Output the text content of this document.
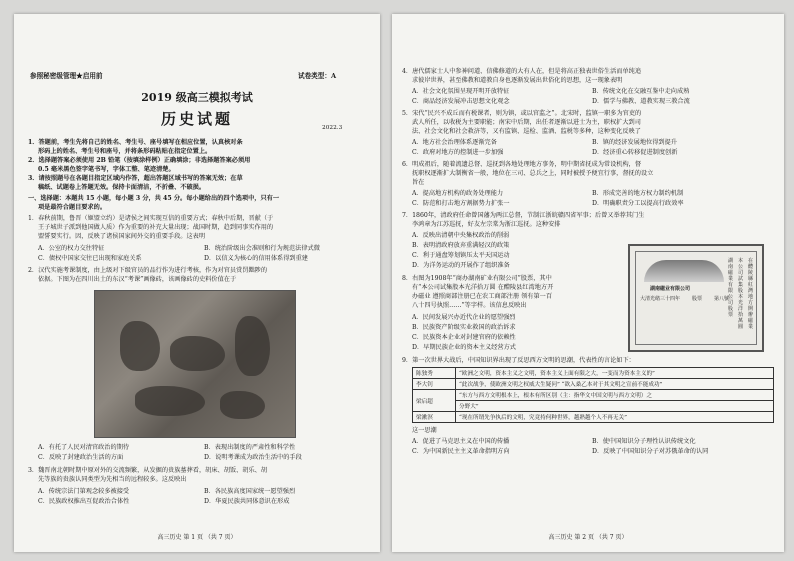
参照秘密级管理★启用前	试卷类型：A
2019 级高三模拟考试
历史试题	2022.3
1．答题前，考生先将自己的姓名、考生号、座号填写在相应位置，认真核对条
形码上的姓名、考生号和座号，并将条形码粘贴在指定位置上。
2．选择题答案必须使用 2B 铅笔（按填涂样例）正确填涂；非选择题答案必须用
0.5 毫米黑色签字笔书写，字体工整、笔迹清楚。
3．请按照题号在各题目指定区域内作答，超出答题区域书写的答案无效；在草
稿纸、试题卷上答题无效。保持卡面清洁，不折叠、不破损。
一、选择题：本题共 15 小题，每小题 3 分，共 45 分。每小题给出的四个选项中，只有一
项是最符合题目要求的。
1．春秋前期，鲁晋（姬盟立约）是诸侯之间实现互信的重要方式；春秋中后期，晋献（于
王子城世子派到他国做人质）作为重要的补充大量出现；战国时期，趋到同事实作用的
盟誓要实行。因，反映了诸侯国家间外交的重要手段。这表明
A．公室的权力交往特征	B．统治阶级出会准则和行为规范法律式微
C．债权中国家交往已出现和家庭关系	D．以信义为核心的信用体系得到重建
2．汉代实施考课制度，由上级对下级官员的品行作为进行考核，作为对官员赏罚黜陟的
依据。下图为在四川出土的东汉“考课”画像砖，该画像砖的史料价值在于
A．有托了人民对清官政治的期待	B．表现出制度的严肃性和科学性
C．反映了封建政治生活的方面	D．说明考课成为政治生活中的手段
3．魏晋南北朝时期中原对外的交流频繁，从发掘的贵族墓葬看，胡床、胡饭、胡乐、胡
先等族的贵族认同类型为先相当的远程较多。这反映出
A．传统宗法门第观念较多被接受	B．各民族高度国家统一愿望强烈
C．民族政权推出互促政治合体性	D．华夏民族共同体意识在形成
高三历史 第 1 页 （共 7 页）
4．唐代儒家士人中参神问道、信佛修道的大有人在，但是将高正独表世俗生活而单纯追
求彼岸世界，甚至佛教和道教自身也逐渐发展出世俗化的思想，这一现象表明
A．社会文化氛围呈现开明开放特征	B．传统文化在交融互鉴中走向成熟
C．商品经济发展冲击思想文化观念	D．儒学与佛教、道教实现三教合流
5．宋代“民兴不成丘而有税课者，则为镇，或以官监之”。北宋时，监镇一职多为官吏的
武人所任，以收税为主要职能；南宋中后期，出任者逐渐以进士为主，职权扩大到司
法、社会文化和社会救济等，又有监镇、巡检、监酒、监税等多种，这种变化反映了
A．地方社会治理体系逐渐完备	B．镇的经济发展地位得到提升
C．政府对地方的控制进一步加强	D．经济重心转移促进制度创新
6．明成祖后，随着流遗总督、巡抚到各地处理地方事务，明中期省抚成为常设机构，督
抚职权逐渐扩大制衡省一般，地位在三司、总兵之上，同时被授予便宜行事，督抚的设立
旨在
A．提高地方机构的政务处理能力	B．形成完善的地方权力制约机制
C．防范和打击地方割据势力扩张一	D．明确职责分工以提高行政效率
7．1860年，清政府任命曾国藩为两江总督，节制江浙皖赣四省军事；后曾又举荐其门生
李鸿章为江苏巡抚，好友左宗棠为浙江巡抚。这种安排
A．反映出清朝中央集权政治的削弱
B．表明清政府放弃重满轻汉的政策
C．利于通盘筹划镇压太平天国运动
D．为洋务运动的开展作了组织准备
8．右图为1908年“商办湖南矿业有限公司”股票，其中
有“本公司试集股本光洋拾万圆 在醴陵县红湾地方开
办磁业 遵照商部注册已在农工商部注册 领有第一百
八十四号执照……”等字样。该信息反映出
A．民间发展兴办近代企业的愿望强烈
B．民族资产阶级实业救国的政治诉求
C．民族资本企业对封建官府的依赖性
D．早期民族企业的资本主义经营方式
湖南磁业有限公司
大清光绪三十四年 股票 第八號
湖南磁業有限公司股票
本公司試集股本光洋拾萬圓
在醴陵縣紅灣地方開辦磁業
9．第一次世界大战后，中国知识界出现了反思西方文明的思潮，代表性的言论如下：
陈独秀	“欧洲之文明，资本主义之文明，资本主义上面有限之大，一变而为资本主义的”
李大钊	“此次战争，使欧洲文明之权威大生疑问” “欲入桑乙本对于其文明之宣前不能成功”
梁启超	“东方与西方文明根本上，根本有所区别（主：指华文中国文明与西方文明）之
	分野大”
梁漱溟	“现在所谓先争执后的文明，究竟持何种世界，越熟越个人不再无关”
这一思潮
A．促进了马克思主义在中国的传播	B．使中国知识分子理性认识传统文化
C．为中国新民主主义革命指明方向	D．反映了中国知识分子对苏俄革命的认同
高三历史 第 2 页 （共 7 页）
